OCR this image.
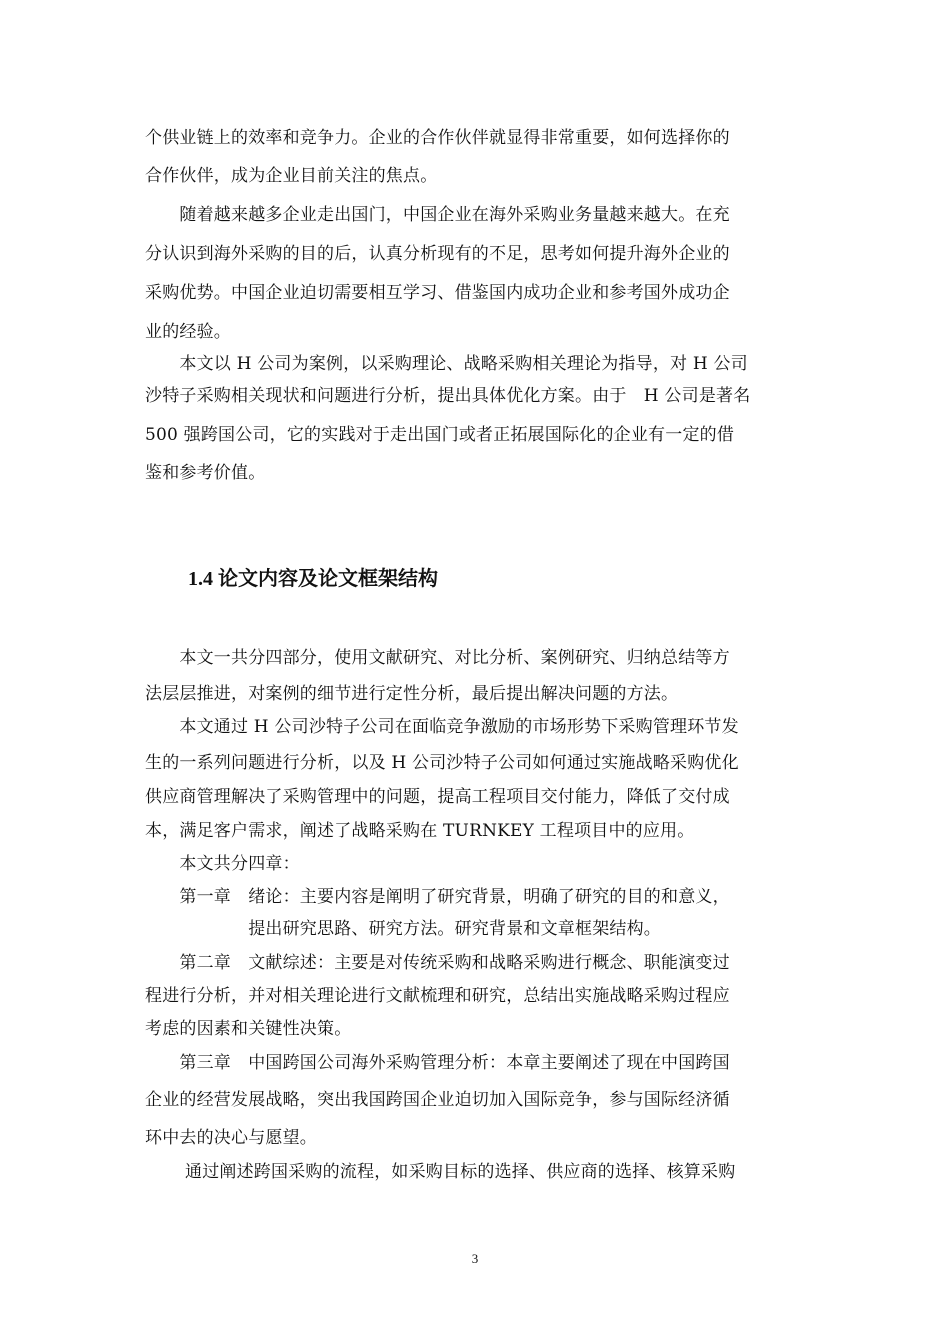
个供业链上的效率和竞争力。企业的合作伙伴就显得非常重要，如何选择你的
合作伙伴，成为企业目前关注的焦点。
　　随着越来越多企业走出国门，中国企业在海外采购业务量越来越大。在充
分认识到海外采购的目的后，认真分析现有的不足，思考如何提升海外企业的
采购优势。中国企业迫切需要相互学习、借鉴国内成功企业和参考国外成功企
业的经验。
　　本文以 H 公司为案例，以采购理论、战略采购相关理论为指导，对 H 公司
沙特子采购相关现状和问题进行分析，提出具体优化方案。由于　H 公司是著名
500 强跨国公司，它的实践对于走出国门或者正拓展国际化的企业有一定的借
鉴和参考价值。
1.4 论文内容及论文框架结构
　　本文一共分四部分，使用文献研究、对比分析、案例研究、归纳总结等方
法层层推进，对案例的细节进行定性分析，最后提出解决问题的方法。
　　本文通过 H 公司沙特子公司在面临竞争激励的市场形势下采购管理环节发
生的一系列问题进行分析，以及 H 公司沙特子公司如何通过实施战略采购优化
供应商管理解决了采购管理中的问题，提高工程项目交付能力，降低了交付成
本，满足客户需求，阐述了战略采购在 TURNKEY 工程项目中的应用。
　　本文共分四章：
　　第一章　绪论：主要内容是阐明了研究背景，明确了研究的目的和意义，
　　　　　　提出研究思路、研究方法。研究背景和文章框架结构。
　　第二章　文献综述：主要是对传统采购和战略采购进行概念、职能演变过
程进行分析，并对相关理论进行文献梳理和研究，总结出实施战略采购过程应
考虑的因素和关键性决策。
　　第三章　中国跨国公司海外采购管理分析：本章主要阐述了现在中国跨国
企业的经营发展战略，突出我国跨国企业迫切加入国际竞争，参与国际经济循
环中去的决心与愿望。
　　 通过阐述跨国采购的流程，如采购目标的选择、供应商的选择、核算采购
3
